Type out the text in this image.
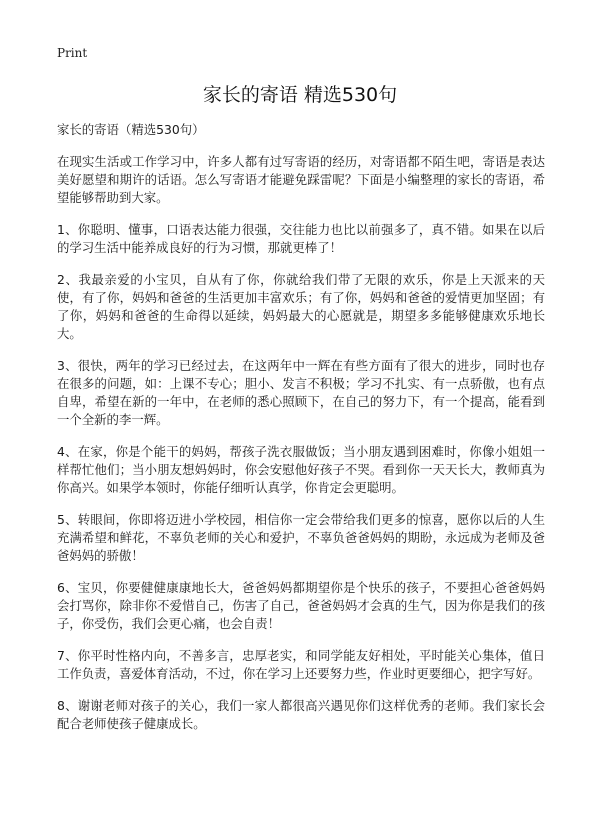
Print
家长的寄语 精选530句

家长的寄语（精选530句）

在现实生活或工作学习中，许多人都有过写寄语的经历，对寄语都不陌生吧，寄语是表达美好愿望和期许的话语。怎么写寄语才能避免踩雷呢？下面是小编整理的家长的寄语，希望能够帮助到大家。

1、你聪明、懂事，口语表达能力很强，交往能力也比以前强多了，真不错。如果在以后的学习生活中能养成良好的行为习惯，那就更棒了！

2、我最亲爱的小宝贝，自从有了你，你就给我们带了无限的欢乐，你是上天派来的天使，有了你，妈妈和爸爸的生活更加丰富欢乐；有了你，妈妈和爸爸的爱情更加坚固；有了你，妈妈和爸爸的生命得以延续，妈妈最大的心愿就是，期望多多能够健康欢乐地长大。

3、很快，两年的学习已经过去，在这两年中一辉在有些方面有了很大的进步，同时也存在很多的问题，如：上课不专心；胆小、发言不积极；学习不扎实、有一点骄傲，也有点自卑，希望在新的一年中，在老师的悉心照顾下，在自己的努力下，有一个提高，能看到一个全新的李一辉。

4、在家，你是个能干的妈妈，帮孩子洗衣服做饭；当小朋友遇到困难时，你像小姐姐一样帮忙他们；当小朋友想妈妈时，你会安慰他好孩子不哭。看到你一天天长大，教师真为你高兴。如果学本领时，你能仔细听认真学，你肯定会更聪明。

5、转眼间，你即将迈进小学校园，相信你一定会带给我们更多的惊喜，愿你以后的人生充满希望和鲜花，不辜负老师的关心和爱护，不辜负爸爸妈妈的期盼，永远成为老师及爸爸妈妈的骄傲！

6、宝贝，你要健健康康地长大，爸爸妈妈都期望你是个快乐的孩子，不要担心爸爸妈妈会打骂你，除非你不爱惜自己，伤害了自己，爸爸妈妈才会真的生气，因为你是我们的孩子，你受伤，我们会更心痛，也会自责！

7、你平时性格内向，不善多言，忠厚老实，和同学能友好相处，平时能关心集体，值日工作负责，喜爱体育活动，不过，你在学习上还要努力些，作业时更要细心，把字写好。

8、谢谢老师对孩子的关心，我们一家人都很高兴遇见你们这样优秀的老师。我们家长会配合老师使孩子健康成长。
